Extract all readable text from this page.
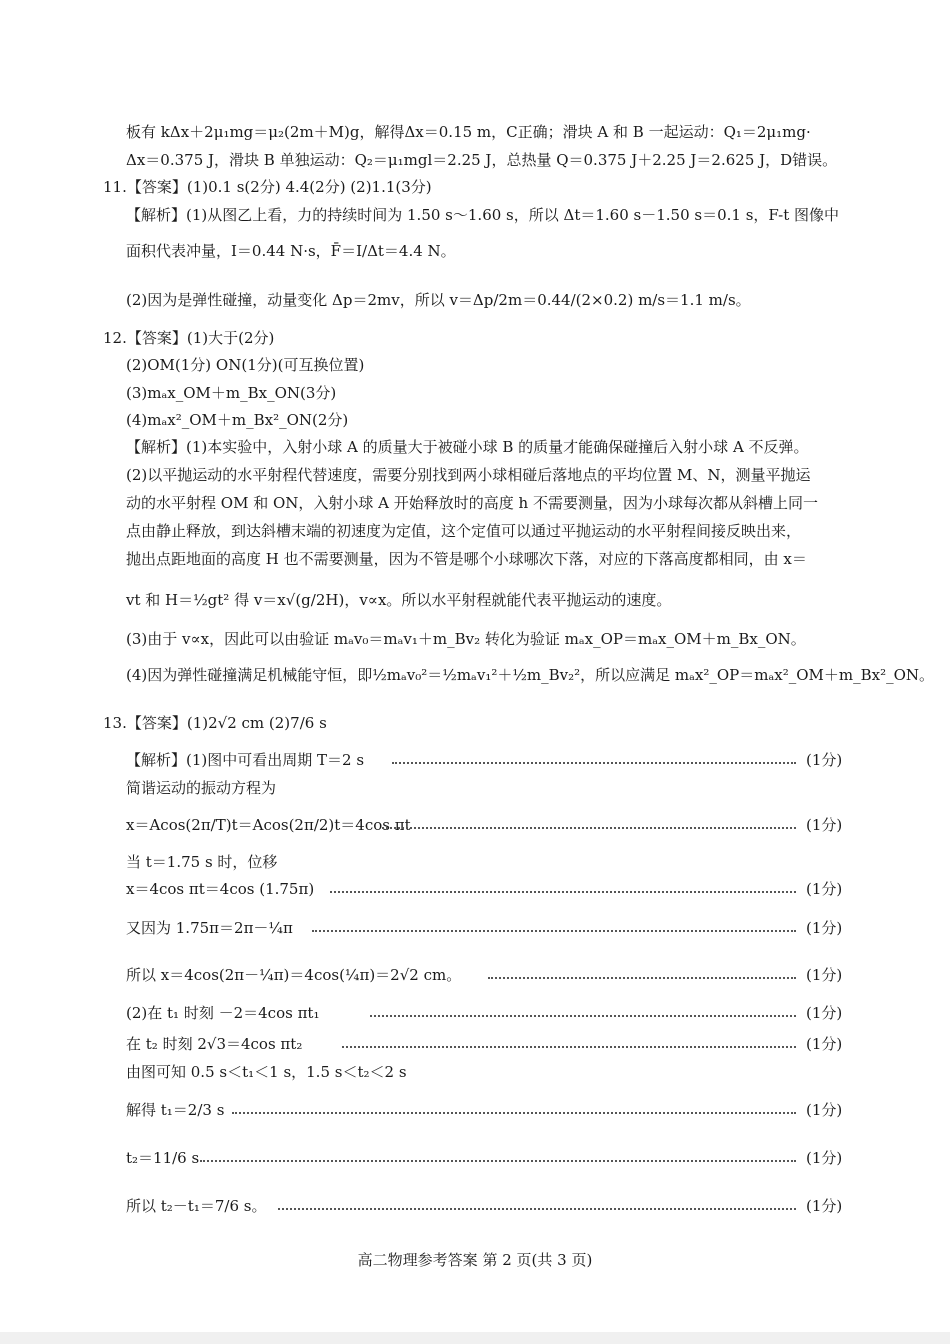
板有 kΔx＋2μ₁mg＝μ₂(2m＋M)g，解得Δx＝0.15 m，C正确；滑块 A 和 B 一起运动：Q₁＝2μ₁mg·
Δx＝0.375 J，滑块 B 单独运动：Q₂＝μ₁mgl＝2.25 J，总热量 Q＝0.375 J＋2.25 J＝2.625 J，D错误。
11.【答案】(1)0.1 s(2分) 4.4(2分) (2)1.1(3分)
【解析】(1)从图乙上看，力的持续时间为 1.50 s～1.60 s，所以 Δt＝1.60 s－1.50 s＝0.1 s，F-t 图像中
面积代表冲量，I＝0.44 N·s，F̄＝I/Δt＝4.4 N。
(2)因为是弹性碰撞，动量变化 Δp＝2mv，所以 v＝Δp/2m＝0.44/(2×0.2) m/s＝1.1 m/s。
12.【答案】(1)大于(2分)
(2)OM(1分) ON(1分)(可互换位置)
(3)mₐx_OM＋m_Bx_ON(3分)
(4)mₐx²_OM＋m_Bx²_ON(2分)
【解析】(1)本实验中，入射小球 A 的质量大于被碰小球 B 的质量才能确保碰撞后入射小球 A 不反弹。
(2)以平抛运动的水平射程代替速度，需要分别找到两小球相碰后落地点的平均位置 M、N，测量平抛运
动的水平射程 OM 和 ON，入射小球 A 开始释放时的高度 h 不需要测量，因为小球每次都从斜槽上同一
点由静止释放，到达斜槽末端的初速度为定值，这个定值可以通过平抛运动的水平射程间接反映出来，
抛出点距地面的高度 H 也不需要测量，因为不管是哪个小球哪次下落，对应的下落高度都相同，由 x＝
vt 和 H＝½gt² 得 v＝x√(g/2H)，v∝x。所以水平射程就能代表平抛运动的速度。
(3)由于 v∝x，因此可以由验证 mₐv₀＝mₐv₁＋m_Bv₂ 转化为验证 mₐx_OP＝mₐx_OM＋m_Bx_ON。
(4)因为弹性碰撞满足机械能守恒，即½mₐv₀²＝½mₐv₁²＋½m_Bv₂²，所以应满足 mₐx²_OP＝mₐx²_OM＋m_Bx²_ON。
13.【答案】(1)2√2 cm (2)7/6 s
【解析】(1)图中可看出周期 T＝2 s	(1分)
简谐运动的振动方程为
x＝Acos(2π/T)t＝Acos(2π/2)t＝4cos πt	(1分)
当 t＝1.75 s 时，位移
x＝4cos πt＝4cos (1.75π)	(1分)
又因为 1.75π＝2π－¼π	(1分)
所以 x＝4cos(2π－¼π)＝4cos(¼π)＝2√2 cm。	(1分)
(2)在 t₁ 时刻 －2＝4cos πt₁	(1分)
在 t₂ 时刻 2√3＝4cos πt₂	(1分)
由图可知 0.5 s＜t₁＜1 s，1.5 s＜t₂＜2 s
解得 t₁＝2/3 s	(1分)
t₂＝11/6 s	(1分)
所以 t₂－t₁＝7/6 s。	(1分)
高二物理参考答案 第 2 页(共 3 页)
